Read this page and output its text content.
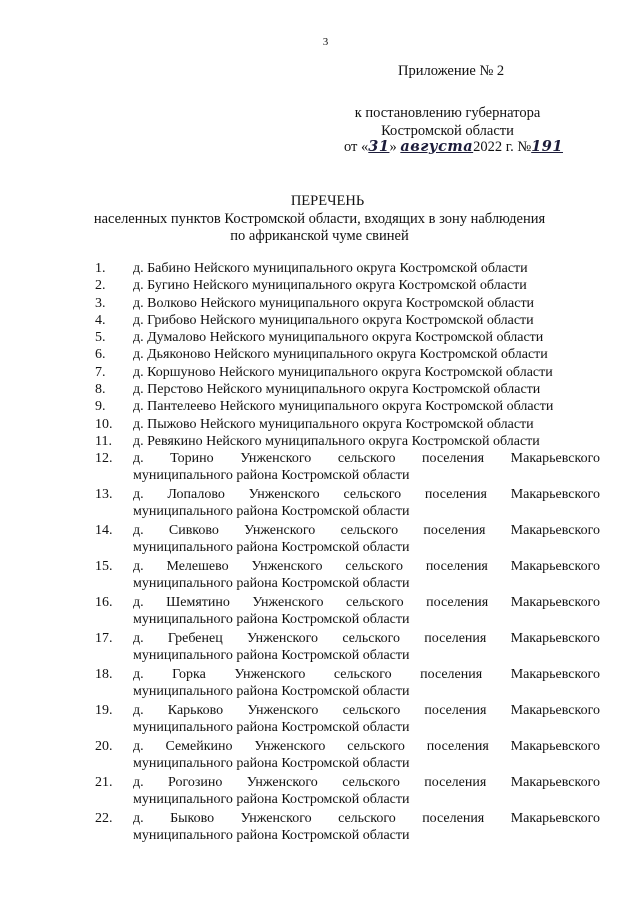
3
Приложение № 2
к постановлению губернатора
Костромской области
от «31» августа2022 г. №191
ПЕРЕЧЕНЬ
населенных пунктов Костромской области, входящих в зону наблюдения
по африканской чуме свиней
1. д. Бабино Нейского муниципального округа Костромской области
2. д. Бугино Нейского муниципального округа Костромской области
3. д. Волково Нейского муниципального округа Костромской области
4. д. Грибово Нейского муниципального округа Костромской области
5. д. Думалово Нейского муниципального округа Костромской области
6. д. Дьяконово Нейского муниципального округа Костромской области
7. д. Коршуново Нейского муниципального округа Костромской области
8. д. Перстово Нейского муниципального округа Костромской области
9. д. Пантелеево Нейского муниципального округа Костромской области
10. д. Пыжово Нейского муниципального округа Костромской области
11. д. Ревякино Нейского муниципального округа Костромской области
12. д. Торино Унженского сельского поселения Макарьевского
муниципального района Костромской области
13. д. Лопалово Унженского сельского поселения Макарьевского
муниципального района Костромской области
14. д. Сивково Унженского сельского поселения Макарьевского
муниципального района Костромской области
15. д. Мелешево Унженского сельского поселения Макарьевского
муниципального района Костромской области
16. д. Шемятино Унженского сельского поселения Макарьевского
муниципального района Костромской области
17. д. Гребенец Унженского сельского поселения Макарьевского
муниципального района Костромской области
18. д. Горка Унженского сельского поселения Макарьевского
муниципального района Костромской области
19. д. Карьково Унженского сельского поселения Макарьевского
муниципального района Костромской области
20. д. Семейкино Унженского сельского поселения Макарьевского
муниципального района Костромской области
21. д. Рогозино Унженского сельского поселения Макарьевского
муниципального района Костромской области
22. д. Быково Унженского сельского поселения Макарьевского
муниципального района Костромской области
